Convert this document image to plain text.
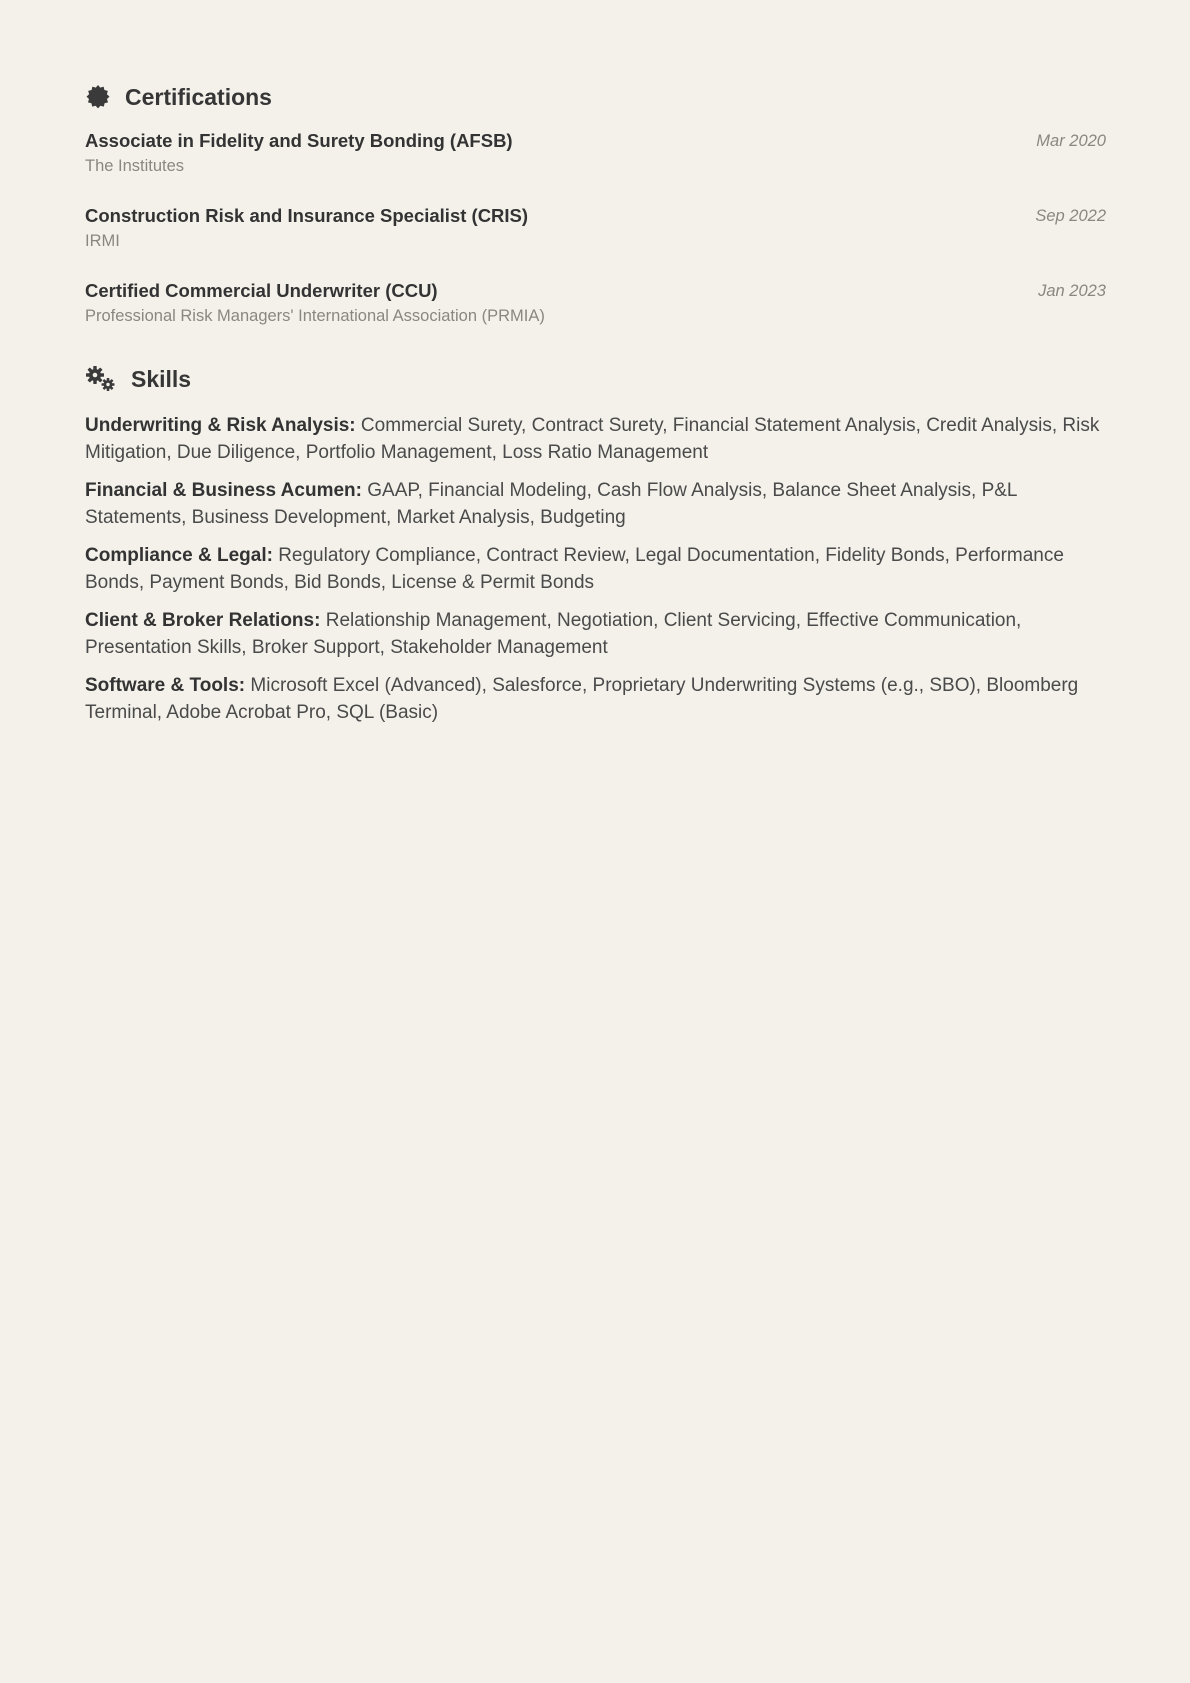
Certifications
Associate in Fidelity and Surety Bonding (AFSB)
The Institutes
Mar 2020
Construction Risk and Insurance Specialist (CRIS)
IRMI
Sep 2022
Certified Commercial Underwriter (CCU)
Professional Risk Managers' International Association (PRMIA)
Jan 2023
Skills
Underwriting & Risk Analysis: Commercial Surety, Contract Surety, Financial Statement Analysis, Credit Analysis, Risk Mitigation, Due Diligence, Portfolio Management, Loss Ratio Management
Financial & Business Acumen: GAAP, Financial Modeling, Cash Flow Analysis, Balance Sheet Analysis, P&L Statements, Business Development, Market Analysis, Budgeting
Compliance & Legal: Regulatory Compliance, Contract Review, Legal Documentation, Fidelity Bonds, Performance Bonds, Payment Bonds, Bid Bonds, License & Permit Bonds
Client & Broker Relations: Relationship Management, Negotiation, Client Servicing, Effective Communication, Presentation Skills, Broker Support, Stakeholder Management
Software & Tools: Microsoft Excel (Advanced), Salesforce, Proprietary Underwriting Systems (e.g., SBO), Bloomberg Terminal, Adobe Acrobat Pro, SQL (Basic)
